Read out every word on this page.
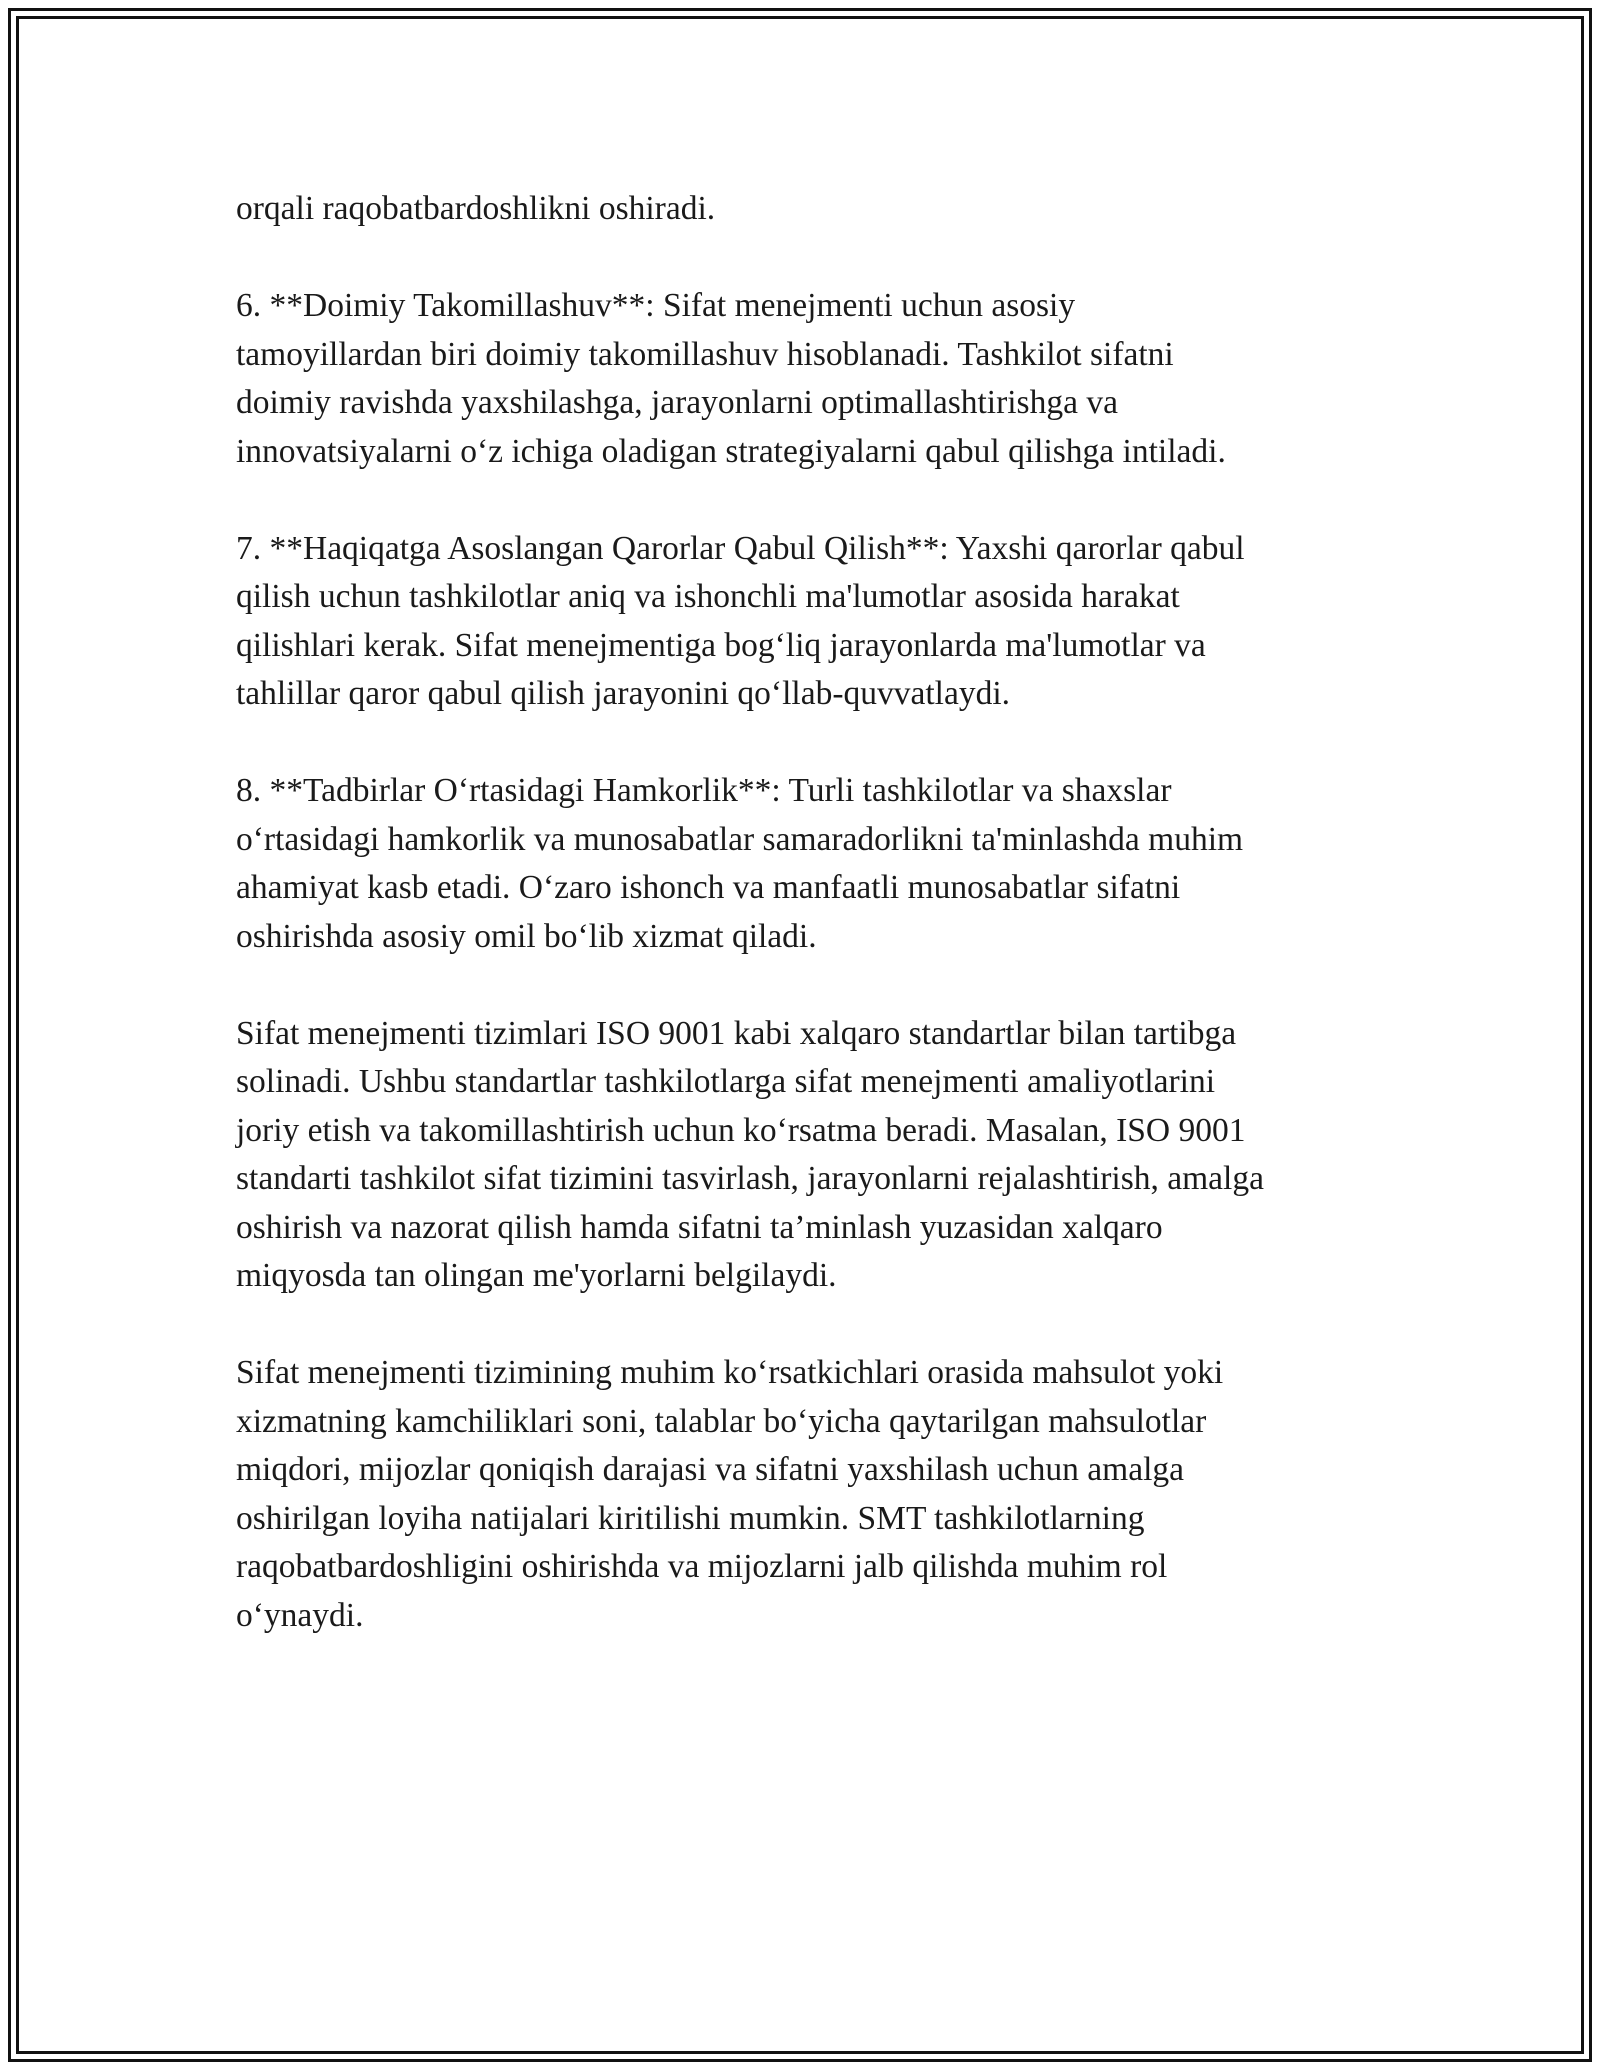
orqali raqobatbardoshlikni oshiradi.

6. **Doimiy Takomillashuv**: Sifat menejmenti uchun asosiy
tamoyillardan biri doimiy takomillashuv hisoblanadi. Tashkilot sifatni
doimiy ravishda yaxshilashga, jarayonlarni optimallashtirishga va
innovatsiyalarni oʻz ichiga oladigan strategiyalarni qabul qilishga intiladi.

7. **Haqiqatga Asoslangan Qarorlar Qabul Qilish**: Yaxshi qarorlar qabul
qilish uchun tashkilotlar aniq va ishonchli ma'lumotlar asosida harakat
qilishlari kerak. Sifat menejmentiga bogʻliq jarayonlarda ma'lumotlar va
tahlillar qaror qabul qilish jarayonini qoʻllab-quvvatlaydi.

8. **Tadbirlar Oʻrtasidagi Hamkorlik**: Turli tashkilotlar va shaxslar
oʻrtasidagi hamkorlik va munosabatlar samaradorlikni ta'minlashda muhim
ahamiyat kasb etadi. Oʻzaro ishonch va manfaatli munosabatlar sifatni
oshirishda asosiy omil boʻlib xizmat qiladi.

Sifat menejmenti tizimlari ISO 9001 kabi xalqaro standartlar bilan tartibga
solinadi. Ushbu standartlar tashkilotlarga sifat menejmenti amaliyotlarini
joriy etish va takomillashtirish uchun koʻrsatma beradi. Masalan, ISO 9001
standarti tashkilot sifat tizimini tasvirlash, jarayonlarni rejalashtirish, amalga
oshirish va nazorat qilish hamda sifatni ta’minlash yuzasidan xalqaro
miqyosda tan olingan me'yorlarni belgilaydi.

Sifat menejmenti tizimining muhim koʻrsatkichlari orasida mahsulot yoki
xizmatning kamchiliklari soni, talablar boʻyicha qaytarilgan mahsulotlar
miqdori, mijozlar qoniqish darajasi va sifatni yaxshilash uchun amalga
oshirilgan loyiha natijalari kiritilishi mumkin. SMT tashkilotlarning
raqobatbardoshligini oshirishda va mijozlarni jalb qilishda muhim rol
oʻynaydi.
